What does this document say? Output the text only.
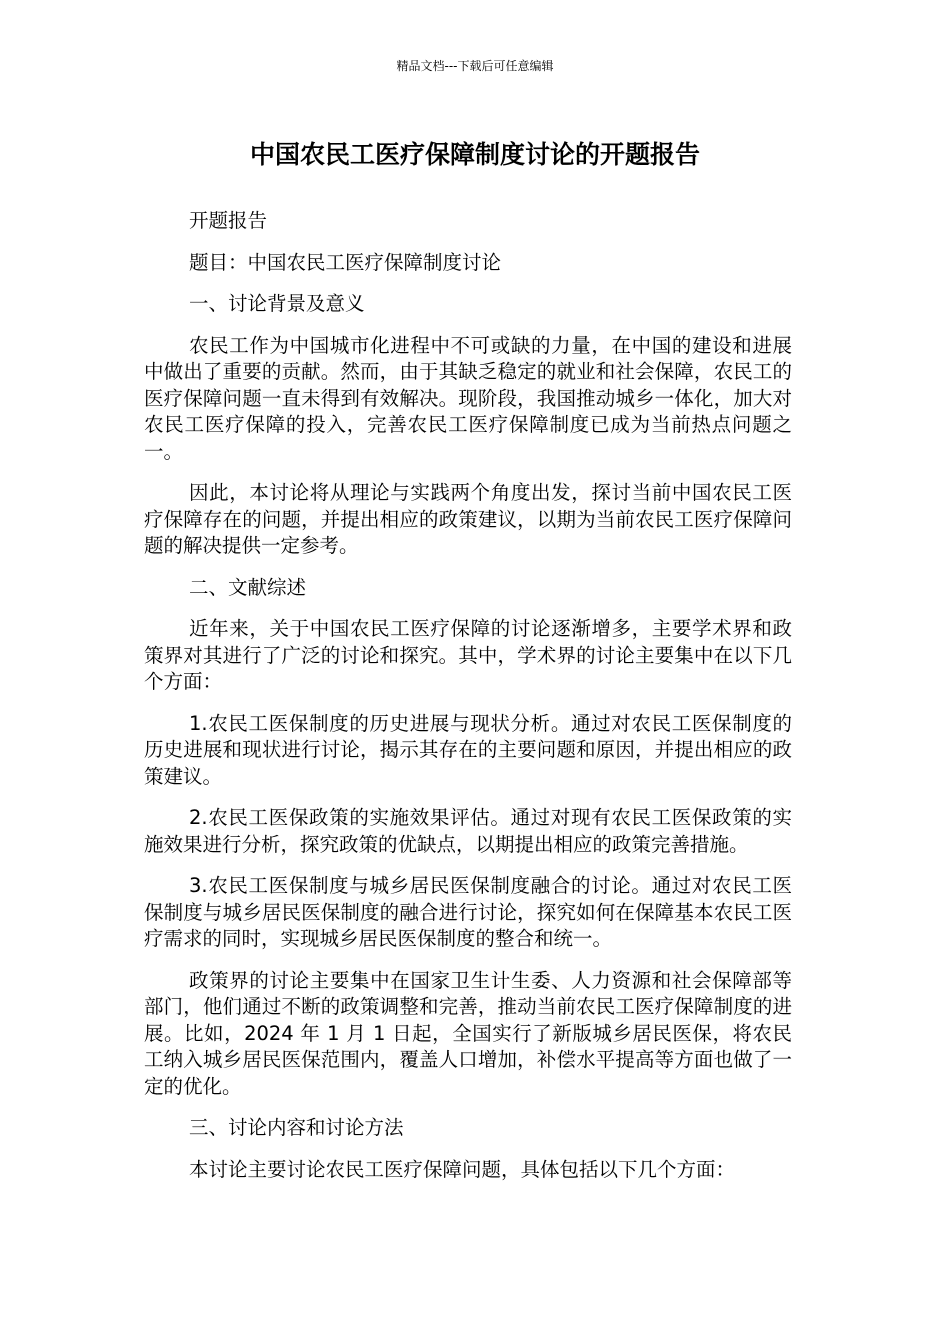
精品文档---下载后可任意编辑
中国农民工医疗保障制度讨论的开题报告

开题报告

题目：中国农民工医疗保障制度讨论

一、讨论背景及意义

农民工作为中国城市化进程中不可或缺的力量，在中国的建设和进展中做出了重要的贡献。然而，由于其缺乏稳定的就业和社会保障，农民工的医疗保障问题一直未得到有效解决。现阶段，我国推动城乡一体化，加大对农民工医疗保障的投入，完善农民工医疗保障制度已成为当前热点问题之一。

因此，本讨论将从理论与实践两个角度出发，探讨当前中国农民工医疗保障存在的问题，并提出相应的政策建议，以期为当前农民工医疗保障问题的解决提供一定参考。

二、文献综述

近年来，关于中国农民工医疗保障的讨论逐渐增多，主要学术界和政策界对其进行了广泛的讨论和探究。其中，学术界的讨论主要集中在以下几个方面：

1.农民工医保制度的历史进展与现状分析。通过对农民工医保制度的历史进展和现状进行讨论，揭示其存在的主要问题和原因，并提出相应的政策建议。

2.农民工医保政策的实施效果评估。通过对现有农民工医保政策的实施效果进行分析，探究政策的优缺点，以期提出相应的政策完善措施。

3.农民工医保制度与城乡居民医保制度融合的讨论。通过对农民工医保制度与城乡居民医保制度的融合进行讨论，探究如何在保障基本农民工医疗需求的同时，实现城乡居民医保制度的整合和统一。

政策界的讨论主要集中在国家卫生计生委、人力资源和社会保障部等部门，他们通过不断的政策调整和完善，推动当前农民工医疗保障制度的进展。比如，2024 年 1 月 1 日起，全国实行了新版城乡居民医保，将农民工纳入城乡居民医保范围内，覆盖人口增加，补偿水平提高等方面也做了一定的优化。

三、讨论内容和讨论方法

本讨论主要讨论农民工医疗保障问题，具体包括以下几个方面：
